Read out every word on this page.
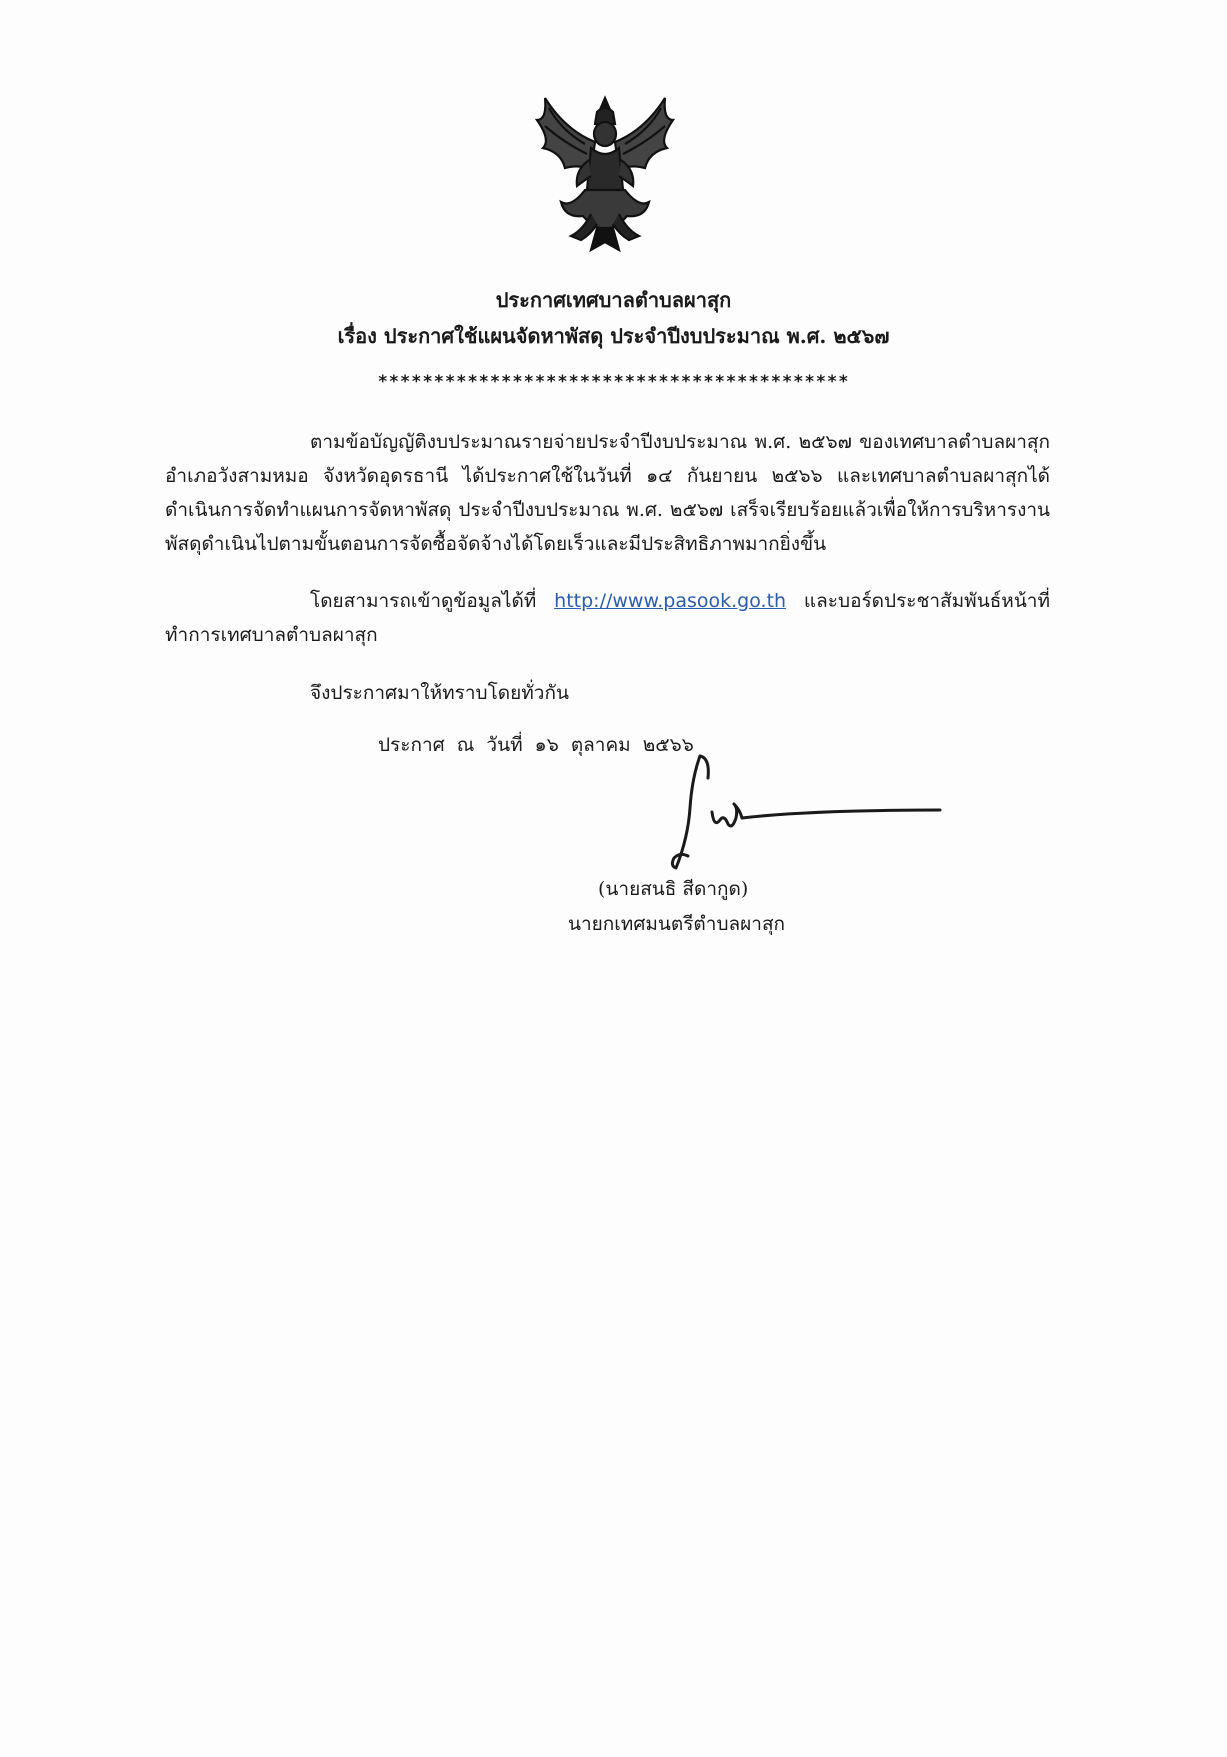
ประกาศเทศบาลตำบลผาสุก
เรื่อง ประกาศใช้แผนจัดหาพัสดุ ประจำปีงบประมาณ พ.ศ. ๒๕๖๗
******************************************
ตามข้อบัญญัติงบประมาณรายจ่ายประจำปีงบประมาณ พ.ศ. ๒๕๖๗ ของเทศบาลตำบลผาสุก อำเภอวังสามหมอ จังหวัดอุดรธานี ได้ประกาศใช้ในวันที่ ๑๔ กันยายน ๒๕๖๖ และเทศบาลตำบลผาสุกได้ดำเนินการจัดทำแผนการจัดหาพัสดุ ประจำปีงบประมาณ พ.ศ. ๒๕๖๗ เสร็จเรียบร้อยแล้วเพื่อให้การบริหารงานพัสดุดำเนินไปตามขั้นตอนการจัดซื้อจัดจ้างได้โดยเร็วและมีประสิทธิภาพมากยิ่งขึ้น
โดยสามารถเข้าดูข้อมูลได้ที่ http://www.pasook.go.th และบอร์ดประชาสัมพันธ์หน้าที่ทำการเทศบาลตำบลผาสุก
จึงประกาศมาให้ทราบโดยทั่วกัน
ประกาศ ณ วันที่ ๑๖ ตุลาคม ๒๕๖๖
(นายสนธิ สีดากูด)
นายกเทศมนตรีตำบลผาสุก
